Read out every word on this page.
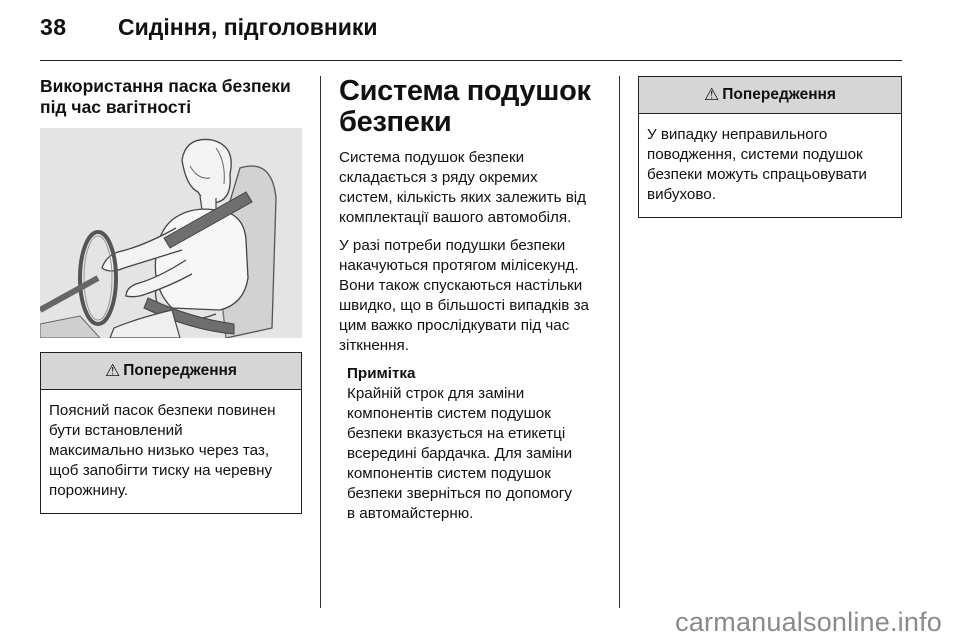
38 Сидіння, підголовники
Використання паска безпеки
під час вагітності
⚠ Попередження
Поясний пасок безпеки повинен
бути встановлений
максимально низько через таз,
щоб запобігти тиску на черевну
порожнину.
Система подушок
безпеки

Система подушок безпеки
складається з ряду окремих
систем, кількість яких залежить від
комплектації вашого автомобіля.

У разі потреби подушки безпеки
накачуються протягом мілісекунд.
Вони також спускаються настільки
швидко, що в більшості випадків за
цим важко прослідкувати під час
зіткнення.

Примітка

Крайній строк для заміни
компонентів систем подушок
безпеки вказується на етикетці
всередині бардачка. Для заміни
компонентів систем подушок
безпеки зверніться по допомогу
в автомайстерню.

⚠ Попередження
У випадку неправильного
поводження, системи подушок
безпеки можуть спрацьовувати
вибухово.
carmanualsonline.info
